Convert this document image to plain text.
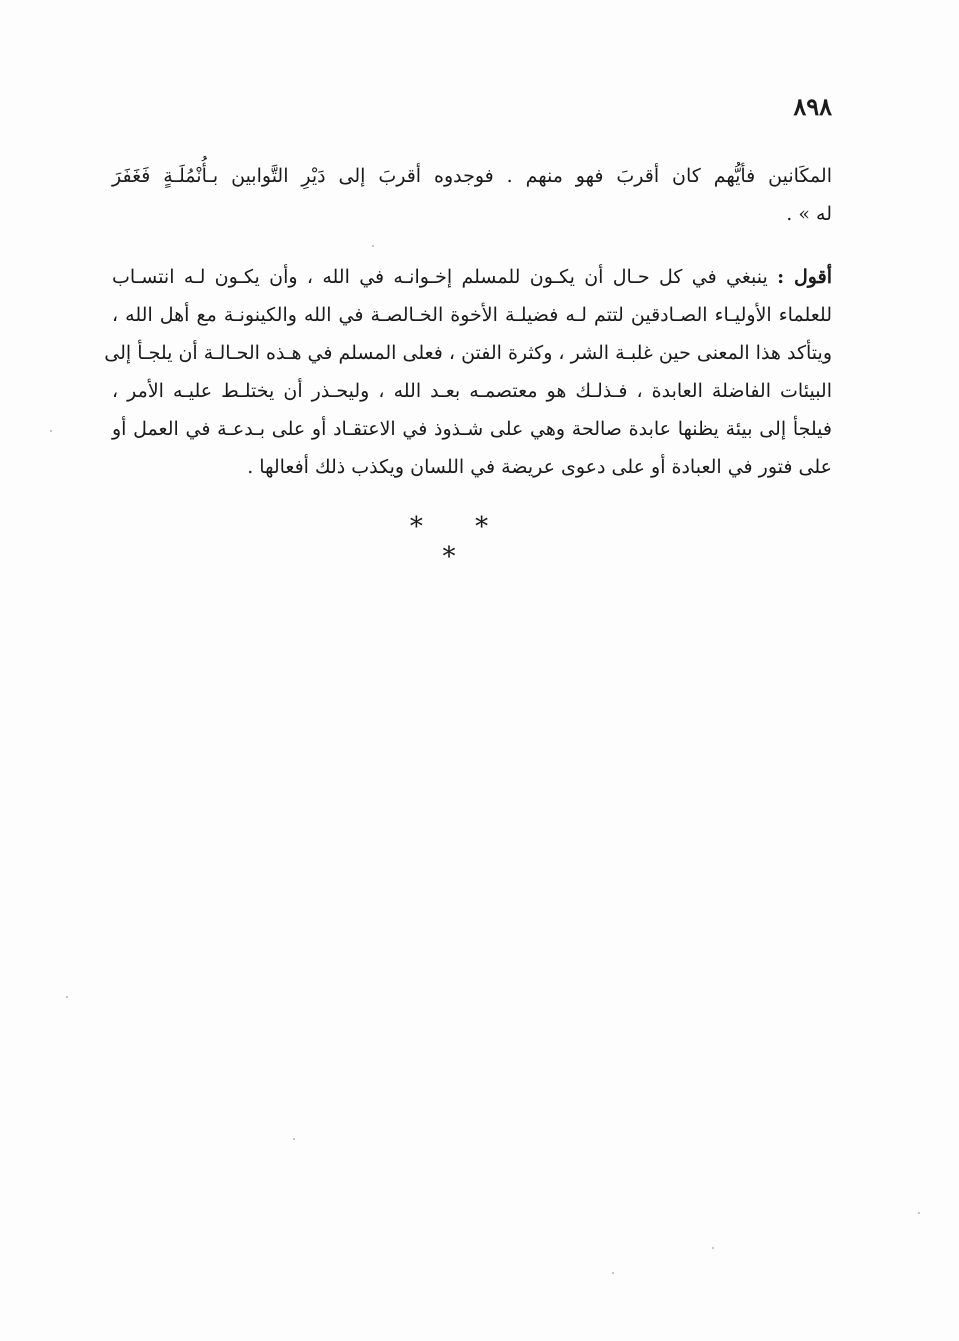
٨٩٨
المكَانين فأيُّهم كان أقربَ فهو منهم . فوجدوه أقربَ إلى دَيْرِ التَّوابين بـأُنْمُلَـةٍ فَغَفَرَ
له » .
أقول : ينبغي في كل حـال أن يكـون للمسلم إخـوانـه في الله ، وأن يكـون لـه انتسـاب
للعلماء الأوليـاء الصـادقين لتتم لـه فضيلـة الأخوة الخـالصـة في الله والكينونـة مع أهل الله ،
ويتأكد هذا المعنى حين غلبـة الشر ، وكثرة الفتن ، فعلى المسلم في هـذه الحـالـة أن يلجـأ إلى
البيئات الفاضلة العابدة ، فـذلـك هو معتصمـه بعـد الله ، وليحـذر أن يختلـط عليـه الأمر ،
فيلجأ إلى بيئة يظنها عابدة صالحة وهي على شـذوذ في الاعتقـاد أو على بـدعـة في العمل أو
على فتور في العبادة أو على دعوى عريضة في اللسان ويكذب ذلك أفعالها .
* * *
